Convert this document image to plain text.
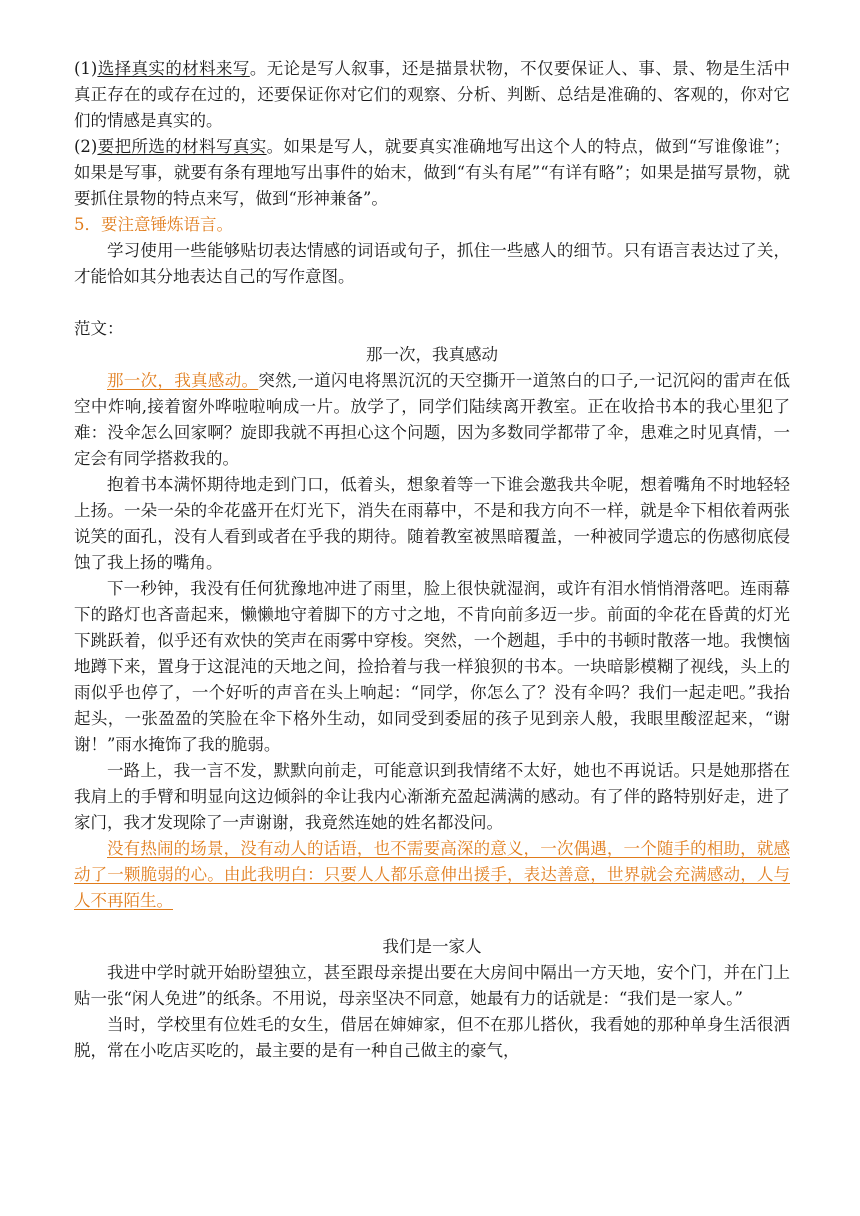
(1)选择真实的材料来写。无论是写人叙事，还是描景状物，不仅要保证人、事、景、物是生活中真正存在的或存在过的，还要保证你对它们的观察、分析、判断、总结是准确的、客观的，你对它们的情感是真实的。

(2)要把所选的材料写真实。如果是写人，就要真实准确地写出这个人的特点，做到“写谁像谁”；如果是写事，就要有条有理地写出事件的始末，做到“有头有尾”“有详有略”；如果是描写景物，就要抓住景物的特点来写，做到“形神兼备”。

5．要注意锤炼语言。

学习使用一些能够贴切表达情感的词语或句子，抓住一些感人的细节。只有语言表达过了关，才能恰如其分地表达自己的写作意图。

范文：

那一次，我真感动

那一次，我真感动。突然,一道闪电将黑沉沉的天空撕开一道煞白的口子,一记沉闷的雷声在低空中炸响,接着窗外哗啦啦响成一片。放学了，同学们陆续离开教室。正在收拾书本的我心里犯了难：没伞怎么回家啊？旋即我就不再担心这个问题，因为多数同学都带了伞，患难之时见真情，一定会有同学搭救我的。

抱着书本满怀期待地走到门口，低着头，想象着等一下谁会邀我共伞呢，想着嘴角不时地轻轻上扬。一朵一朵的伞花盛开在灯光下，消失在雨幕中，不是和我方向不一样，就是伞下相依着两张说笑的面孔，没有人看到或者在乎我的期待。随着教室被黑暗覆盖，一种被同学遗忘的伤感彻底侵蚀了我上扬的嘴角。

下一秒钟，我没有任何犹豫地冲进了雨里，脸上很快就湿润，或许有泪水悄悄滑落吧。连雨幕下的路灯也吝啬起来，懒懒地守着脚下的方寸之地，不肯向前多迈一步。前面的伞花在昏黄的灯光下跳跃着，似乎还有欢快的笑声在雨雾中穿梭。突然，一个趔趄，手中的书顿时散落一地。我懊恼地蹲下来，置身于这混沌的天地之间，捡拾着与我一样狼狈的书本。一块暗影模糊了视线，头上的雨似乎也停了，一个好听的声音在头上响起：“同学，你怎么了？没有伞吗？我们一起走吧。”我抬起头，一张盈盈的笑脸在伞下格外生动，如同受到委屈的孩子见到亲人般，我眼里酸涩起来，“谢谢！”雨水掩饰了我的脆弱。

一路上，我一言不发，默默向前走，可能意识到我情绪不太好，她也不再说话。只是她那搭在我肩上的手臂和明显向这边倾斜的伞让我内心渐渐充盈起满满的感动。有了伴的路特别好走，进了家门，我才发现除了一声谢谢，我竟然连她的姓名都没问。

没有热闹的场景，没有动人的话语，也不需要高深的意义，一次偶遇，一个随手的相助，就感动了一颗脆弱的心。由此我明白：只要人人都乐意伸出援手，表达善意，世界就会充满感动，人与人不再陌生。

我们是一家人

我进中学时就开始盼望独立，甚至跟母亲提出要在大房间中隔出一方天地，安个门，并在门上贴一张“闲人免进”的纸条。不用说，母亲坚决不同意，她最有力的话就是：“我们是一家人。”

当时，学校里有位姓毛的女生，借居在婶婶家，但不在那儿搭伙，我看她的那种单身生活很洒脱，常在小吃店买吃的，最主要的是有一种自己做主的豪气，
